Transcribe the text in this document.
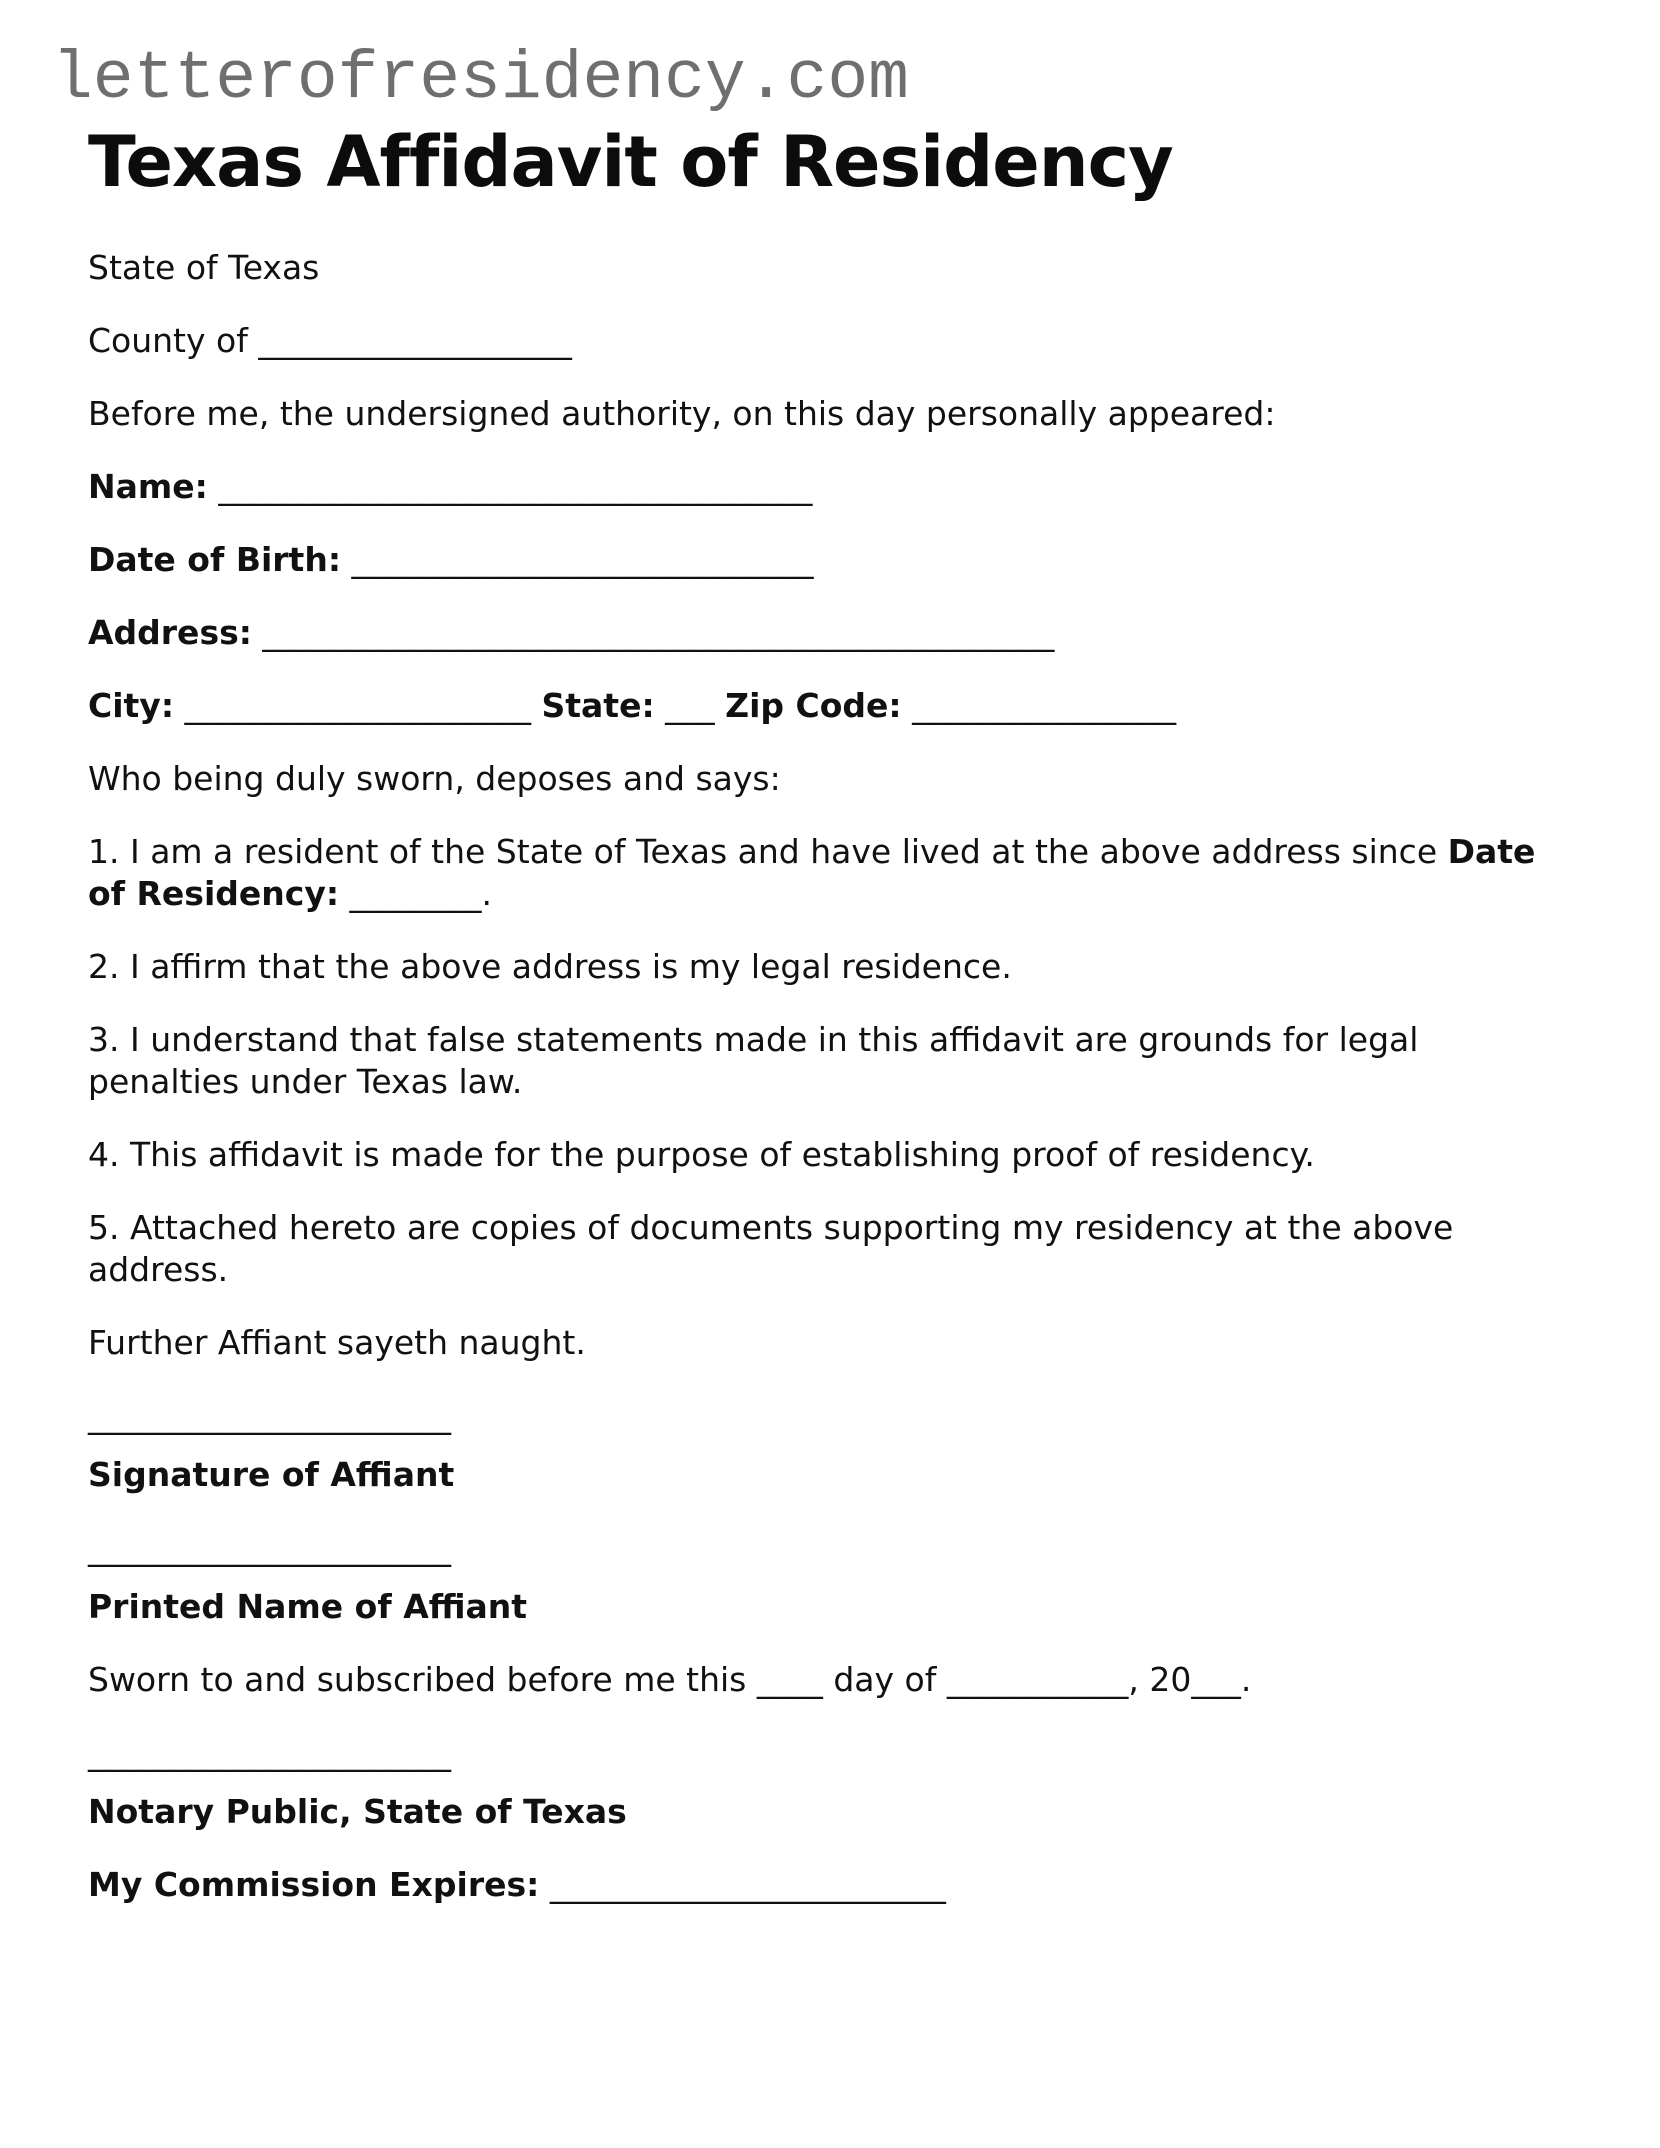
letterofresidency.com
Texas Affidavit of Residency

State of Texas

County of ___________________

Before me, the undersigned authority, on this day personally appeared:

Name: ____________________________________

Date of Birth: ____________________________

Address: ________________________________________________

City: _____________________ State: ___ Zip Code: ________________

Who being duly sworn, deposes and says:

1. I am a resident of the State of Texas and have lived at the above address since Date of Residency: ________.

2. I affirm that the above address is my legal residence.

3. I understand that false statements made in this affidavit are grounds for legal penalties under Texas law.

4. This affidavit is made for the purpose of establishing proof of residency.

5. Attached hereto are copies of documents supporting my residency at the above address.

Further Affiant sayeth naught.

______________________

Signature of Affiant

______________________

Printed Name of Affiant

Sworn to and subscribed before me this ____ day of ___________, 20___.

______________________

Notary Public, State of Texas

My Commission Expires: ________________________
